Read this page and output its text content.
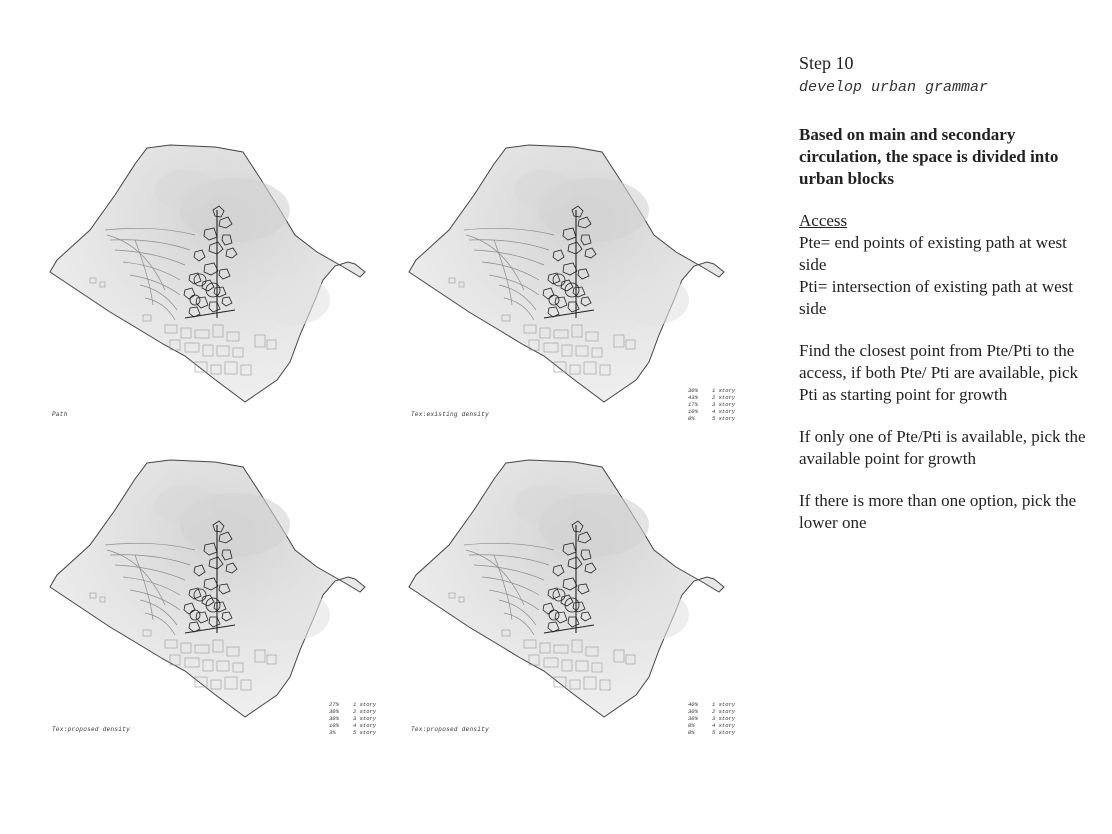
Path	Tex:existing density
30%	1 story
43%	2 story
17%	3 story
10%	4 story
0%	5 story
Tex:proposed density
27%	1 story
30%	2 story
30%	3 story
10%	4 story
3%	5 story	Tex:proposed density
40%	1 story
30%	2 story
30%	3 story
0%	4 story
0%	5 story

Step 10

develop urban grammar

Based on main and secondary circulation, the space is divided into urban blocks

Access

Pte= end points of existing path at west side

Pti= intersection of existing path at west side

Find the closest point from Pte/Pti to the access, if both Pte/ Pti are available, pick Pti as starting point for growth

If only one of Pte/Pti is available, pick the available point for growth

If there is more than one option, pick the lower one
